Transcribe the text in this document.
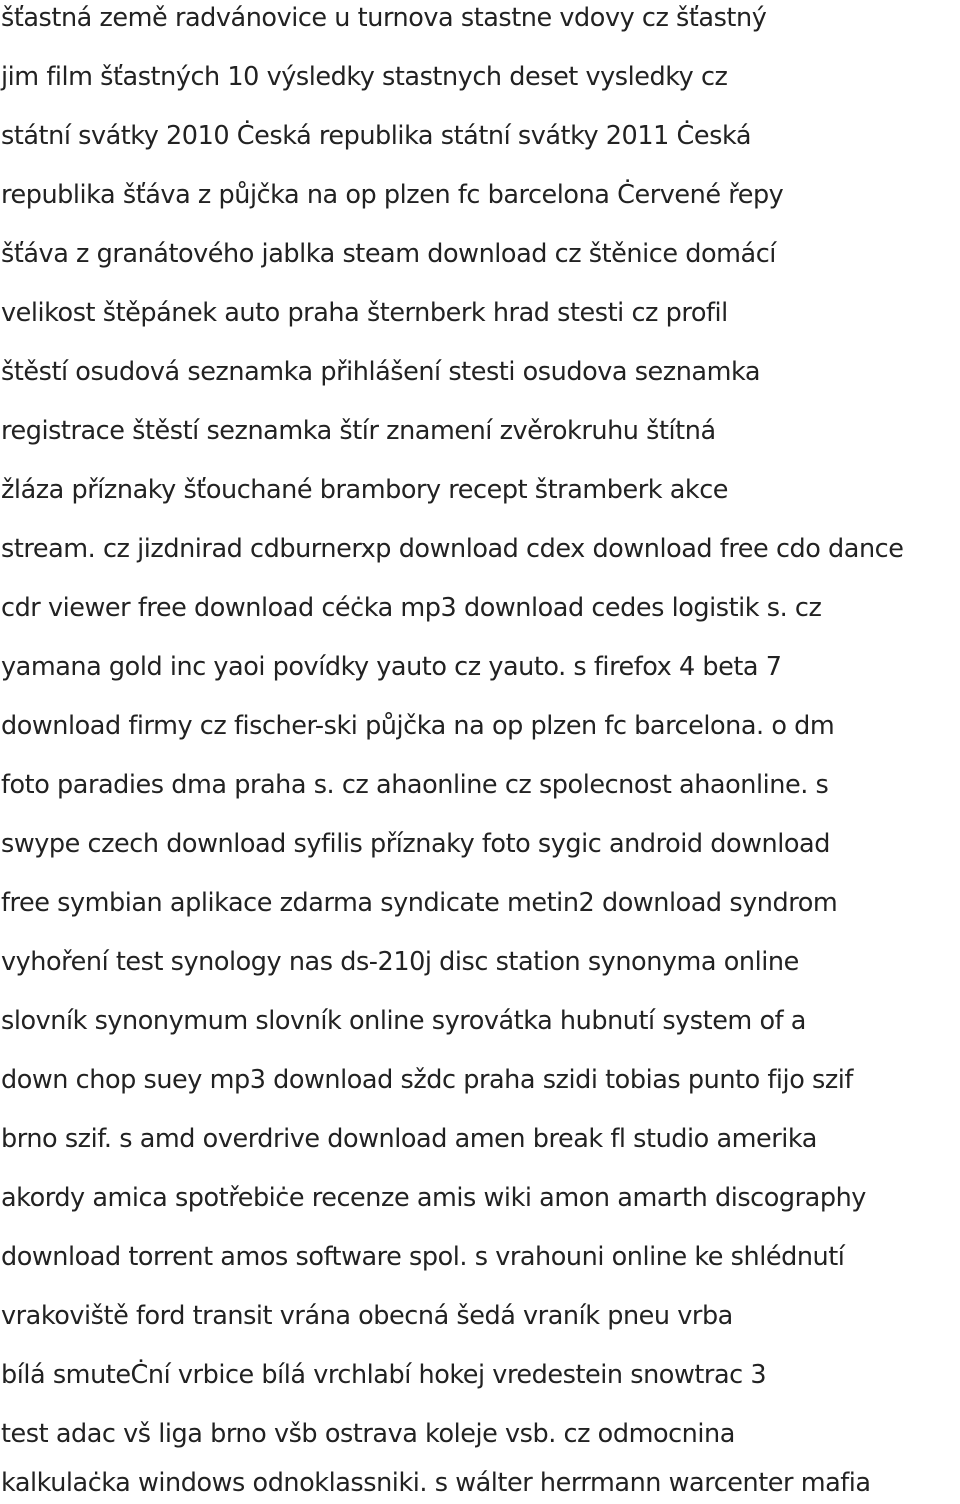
šťastná země radvánovice u turnova stastne vdovy cz šťastný
jim film šťastných 10 výsledky stastnych deset vysledky cz
státní svátky 2010 Ċeská republika státní svátky 2011 Ċeská
republika šťáva z půjčka na op plzen fc barcelona Ċervené řepy
šťáva z granátového jablka steam download cz štěnice domácí
velikost štěpánek auto praha šternberk hrad stesti cz profil
štěstí osudová seznamka přihlášení stesti osudova seznamka
registrace štěstí seznamka štír znamení zvěrokruhu štítná
žláza příznaky šťouchané brambory recept štramberk akce
stream. cz jizdnirad cdburnerxp download cdex download free cdo dance
cdr viewer free download céċka mp3 download cedes logistik s. cz
yamana gold inc yaoi povídky yauto cz yauto. s firefox 4 beta 7
download firmy cz fischer-ski půjčka na op plzen fc barcelona. o dm
foto paradies dma praha s. cz ahaonline cz spolecnost ahaonline. s
swype czech download syfilis příznaky foto sygic android download
free symbian aplikace zdarma syndicate metin2 download syndrom
vyhoření test synology nas ds-210j disc station synonyma online
slovník synonymum slovník online syrovátka hubnutí system of a
down chop suey mp3 download sždc praha szidi tobias punto fijo szif
brno szif. s amd overdrive download amen break fl studio amerika
akordy amica spotřebiċe recenze amis wiki amon amarth discography
download torrent amos software spol. s vrahouni online ke shlédnutí
vrakoviště ford transit vrána obecná šedá vraník pneu vrba
bílá smuteĊní vrbice bílá vrchlabí hokej vredestein snowtrac 3
test adac vš liga brno všb ostrava koleje vsb. cz odmocnina
kalkulaċka windows odnoklassniki. s wálter herrmann warcenter mafia
